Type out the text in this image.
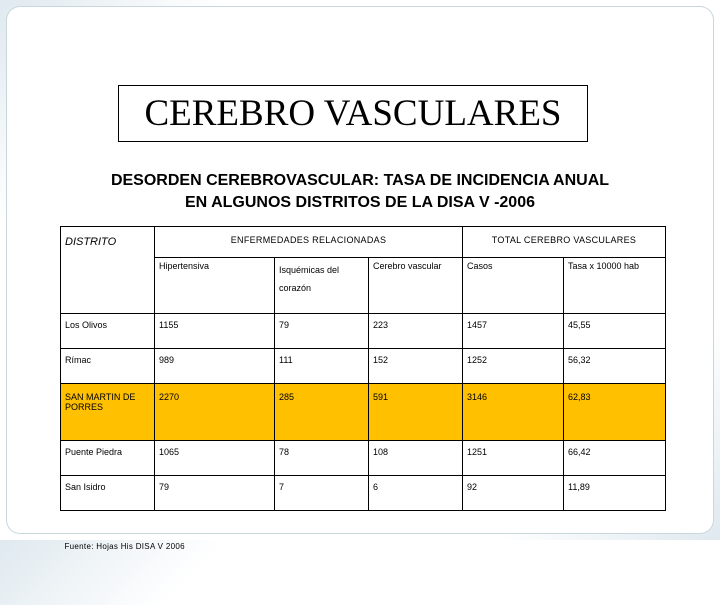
CEREBRO VASCULARES
DESORDEN CEREBROVASCULAR: TASA DE INCIDENCIA ANUAL
EN ALGUNOS DISTRITOS DE LA DISA V -2006
DISTRITO	ENFERMEDADES RELACIONADAS			TOTAL CEREBRO VASCULARES	
	Hipertensiva	Isquémicas del corazón	Cerebro vascular	Casos	Tasa x 10000 hab
Los Olivos	1155	79	223	1457	45,55
Rímac	989	111	152	1252	56,32
SAN MARTIN DE PORRES	2270	285	591	3146	62,83
Puente Piedra	1065	78	108	1251	66,42
San Isidro	79	7	6	92	11,89
Fuente: Hojas His DISA V 2006					
